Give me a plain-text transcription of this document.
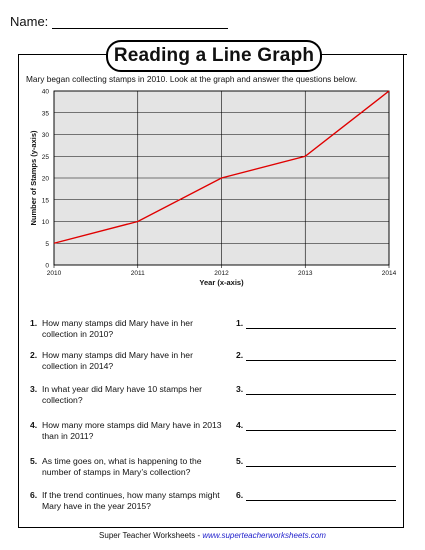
Name:
Reading a Line Graph
Mary began collecting stamps in 2010. Look at the graph and answer the questions below.
0
5
10
15
20
25
30
35
40
2010	2011	2012	2013	2014
Year (x-axis)
Number of Stamps (y-axis)
1. How many stamps did Mary have in her collection in 2010?
1.
2. How many stamps did Mary have in her collection in 2014?
2.
3. In what year did Mary have 10 stamps her collection?
3.
4. How many more stamps did Mary have in 2013 than in 2011?
4.
5. As time goes on, what is happening to the number of stamps in Mary’s collection?
5.
6. If the trend continues, how many stamps might Mary have in the year 2015?
6.
Super Teacher Worksheets - www.superteacherworksheets.com
